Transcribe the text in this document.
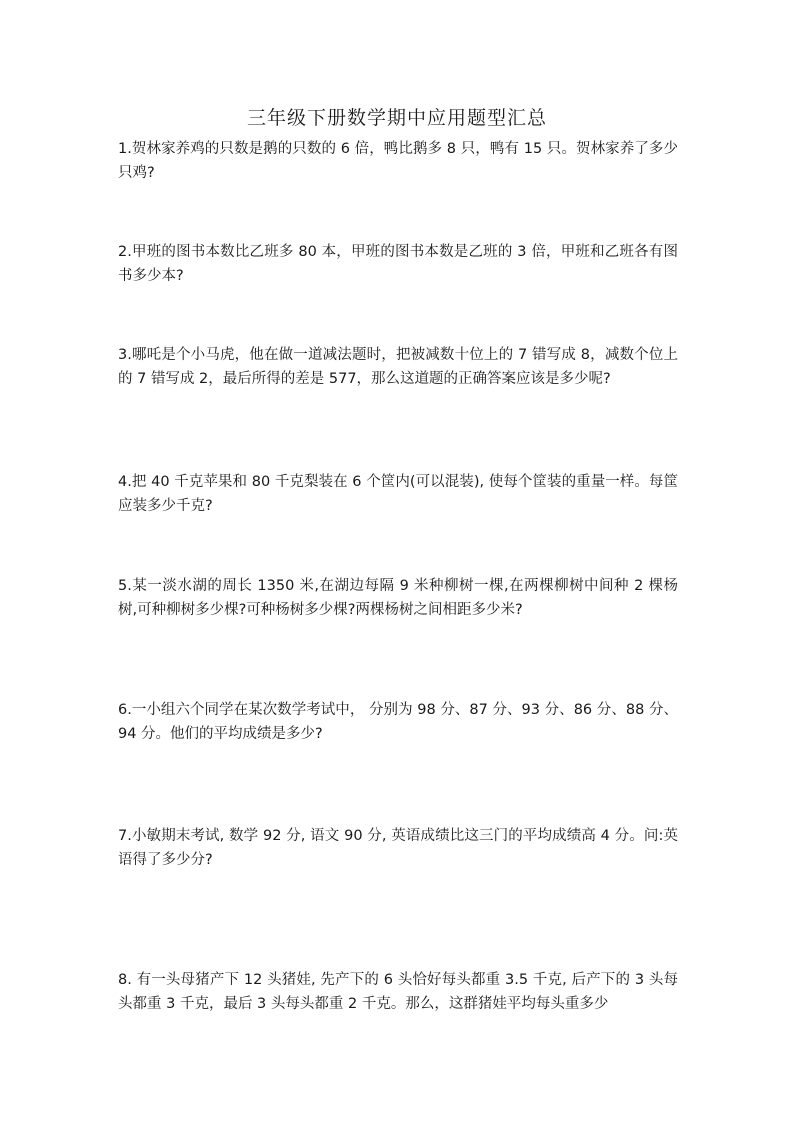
三年级下册数学期中应用题型汇总
1.贺林家养鸡的只数是鹅的只数的 6 倍，鸭比鹅多 8 只，鸭有 15 只。贺林家养了多少只鸡?
2.甲班的图书本数比乙班多 80 本，甲班的图书本数是乙班的 3 倍，甲班和乙班各有图书多少本?
3.哪吒是个小马虎，他在做一道减法题时，把被减数十位上的 7 错写成 8，减数个位上的 7 错写成 2，最后所得的差是 577，那么这道题的正确答案应该是多少呢?
4.把 40 千克苹果和 80 千克梨装在 6 个筐内(可以混装), 使每个筐装的重量一样。每筐应装多少千克?
5.某一淡水湖的周长 1350 米,在湖边每隔 9 米种柳树一棵,在两棵柳树中间种 2 棵杨树,可种柳树多少棵?可种杨树多少棵?两棵杨树之间相距多少米?
6.一小组六个同学在某次数学考试中， 分别为 98 分、87 分、93 分、86 分、88 分、94 分。他们的平均成绩是多少?
7.小敏期末考试, 数学 92 分, 语文 90 分, 英语成绩比这三门的平均成绩高 4 分。问:英语得了多少分?
8. 有一头母猪产下 12 头猪娃, 先产下的 6 头恰好每头都重 3.5 千克, 后产下的 3 头每头都重 3 千克，最后 3 头每头都重 2 千克。那么，这群猪娃平均每头重多少
